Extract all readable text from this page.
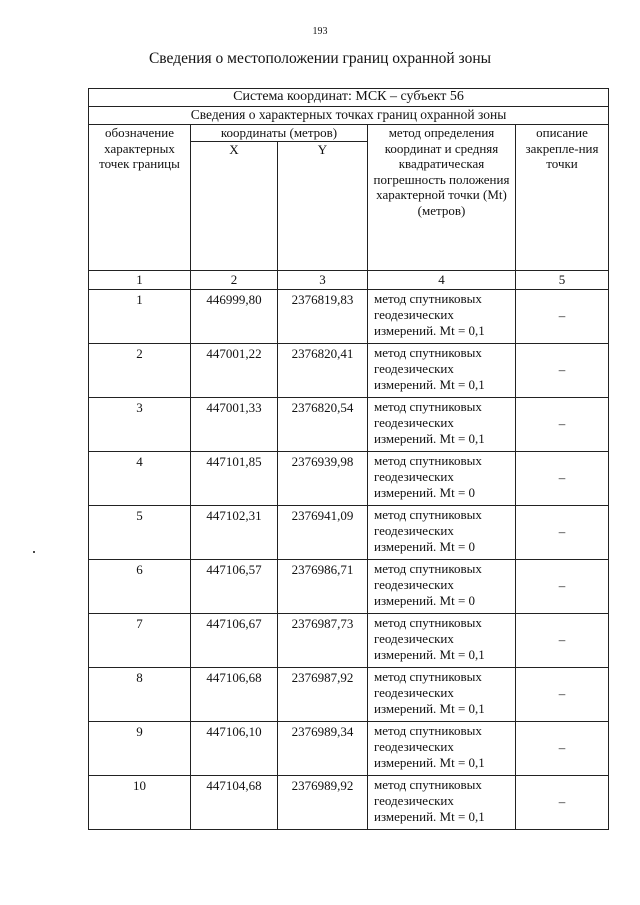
193
Сведения о местоположении границ охранной зоны
Система координат: МСК – субъект 56				
Сведения о характерных точках границ охранной зоны				
обозначение характерных точек границы	координаты (метров)		метод определения координат и средняя квадратическая погрешность положения характерной точки (Mt) (метров)	описание закрепле-ния точки
	X	Y		
1	2	3	4	5
1	446999,80	2376819,83	метод спутниковых геодезических измерений. Mt = 0,1	–
2	447001,22	2376820,41	метод спутниковых геодезических измерений. Mt = 0,1	–
3	447001,33	2376820,54	метод спутниковых геодезических измерений. Mt = 0,1	–
4	447101,85	2376939,98	метод спутниковых геодезических измерений. Mt = 0	–
5	447102,31	2376941,09	метод спутниковых геодезических измерений. Mt = 0	–
6	447106,57	2376986,71	метод спутниковых геодезических измерений. Mt = 0	–
7	447106,67	2376987,73	метод спутниковых геодезических измерений. Mt = 0,1	–
8	447106,68	2376987,92	метод спутниковых геодезических измерений. Mt = 0,1	–
9	447106,10	2376989,34	метод спутниковых геодезических измерений. Mt = 0,1	–
10	447104,68	2376989,92	метод спутниковых геодезических измерений. Mt = 0,1	–
